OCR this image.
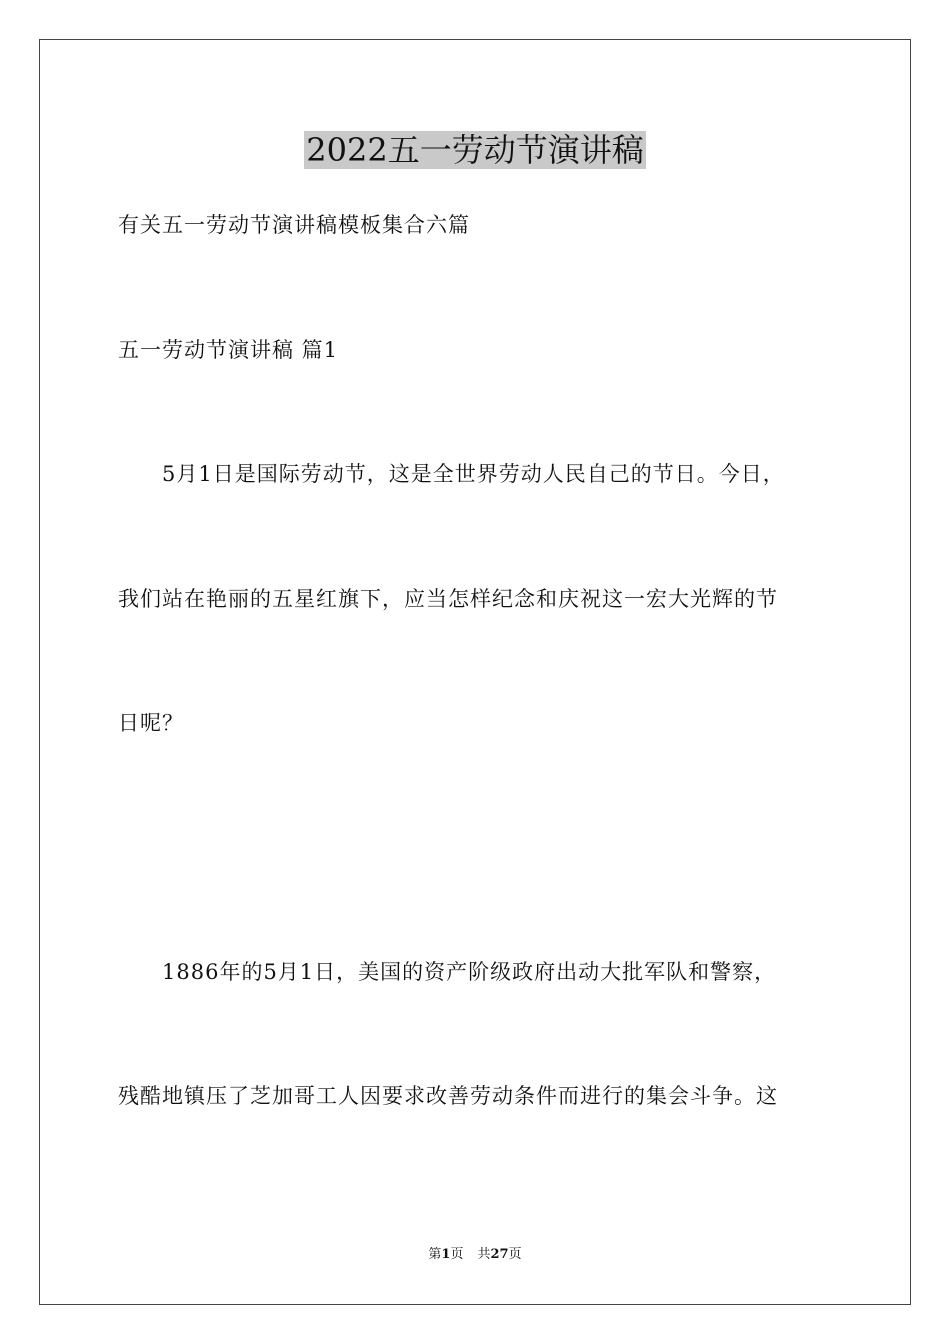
2022五一劳动节演讲稿
有关五一劳动节演讲稿模板集合六篇
五一劳动节演讲稿 篇1
5月1日是国际劳动节，这是全世界劳动人民自己的节日。今日，
我们站在艳丽的五星红旗下，应当怎样纪念和庆祝这一宏大光辉的节
日呢？
1886年的5月1日，美国的资产阶级政府出动大批军队和警察，
残酷地镇压了芝加哥工人因要求改善劳动条件而进行的集会斗争。这
第1页 共27页
